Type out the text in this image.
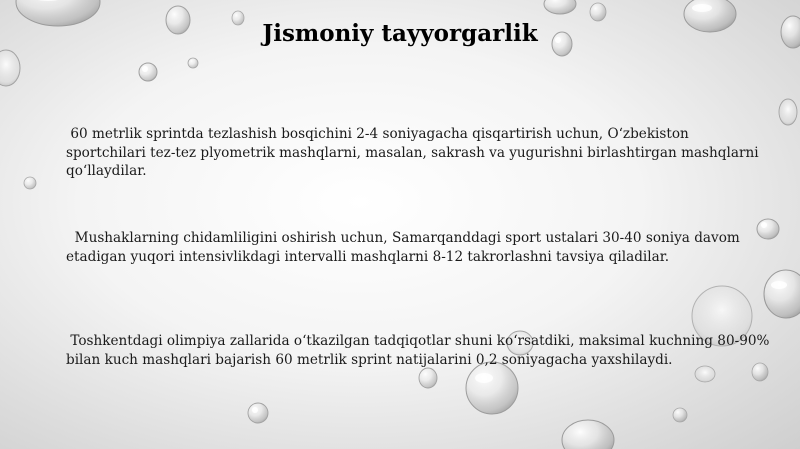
Jismoniy tayyorgarlik

60 metrlik sprintda tezlashish bosqichini 2-4 soniyagacha qisqartirish uchun, O‘zbekiston sportchilari tez-tez plyometrik mashqlarni, masalan, sakrash va yugurishni birlashtirgan mashqlarni qo‘llaydilar.

Mushaklarning chidamliligini oshirish uchun, Samarqanddagi sport ustalari 30-40 soniya davom etadigan yuqori intensivlikdagi intervalli mashqlarni 8-12 takrorlashni tavsiya qiladilar.

Toshkentdagi olimpiya zallarida o‘tkazilgan tadqiqotlar shuni ko‘rsatdiki, maksimal kuchning 80-90% bilan kuch mashqlari bajarish 60 metrlik sprint natijalarini 0,2 soniyagacha yaxshilaydi.
